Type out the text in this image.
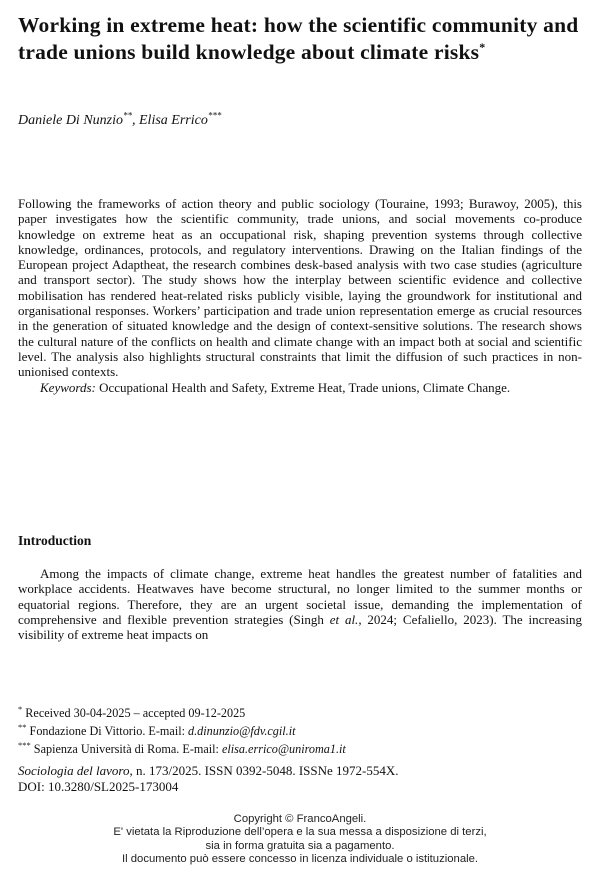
Working in extreme heat: how the scientific community and trade unions build knowledge about climate risks*

Daniele Di Nunzio**, Elisa Errico***

Following the frameworks of action theory and public sociology (Touraine, 1993; Burawoy, 2005), this paper investigates how the scientific community, trade unions, and social movements co-produce knowledge on extreme heat as an occupational risk, shaping prevention systems through collective knowledge, ordinances, protocols, and regulatory interventions. Drawing on the Italian findings of the European project Adaptheat, the research combines desk-based analysis with two case studies (agriculture and transport sector). The study shows how the interplay between scientific evidence and collective mobilisation has rendered heat-related risks publicly visible, laying the groundwork for institutional and organisational responses. Workers’ participation and trade union representation emerge as crucial resources in the generation of situated knowledge and the design of context-sensitive solutions. The research shows the cultural nature of the conflicts on health and climate change with an impact both at social and scientific level. The analysis also highlights structural constraints that limit the diffusion of such practices in non-unionised contexts.

Keywords: Occupational Health and Safety, Extreme Heat, Trade unions, Climate Change.

Introduction

Among the impacts of climate change, extreme heat handles the greatest number of fatalities and workplace accidents. Heatwaves have become structural, no longer limited to the summer months or equatorial regions. Therefore, they are an urgent societal issue, demanding the implementation of comprehensive and flexible prevention strategies (Singh et al., 2024; Cefaliello, 2023). The increasing visibility of extreme heat impacts on

* Received 30-04-2025 – accepted 09-12-2025
** Fondazione Di Vittorio. E-mail: d.dinunzio@fdv.cgil.it
*** Sapienza Università di Roma. E-mail: elisa.errico@uniroma1.it
Sociologia del lavoro, n. 173/2025. ISSN 0392-5048. ISSNe 1972-554X.
DOI: 10.3280/SL2025-173004
Copyright © FrancoAngeli.
E' vietata la Riproduzione dell’opera e la sua messa a disposizione di terzi,
sia in forma gratuita sia a pagamento.
Il documento può essere concesso in licenza individuale o istituzionale.
